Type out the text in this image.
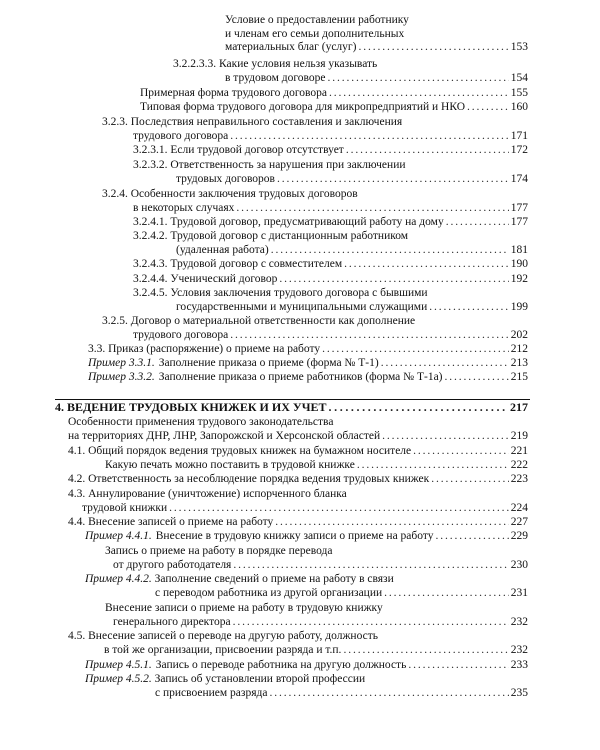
Условие о предоставлении работнику
и членам его семьи дополнительных
материальных благ (услуг) . . .	153
3.2.2.3.3. Какие условия нельзя указывать
в трудовом договоре . . .	154
Примерная форма трудового договора . . .	155
Типовая форма трудового договора для микропредприятий и НКО . . .	160
3.2.3. Последствия неправильного составления и заключения
трудового договора . . .	171
3.2.3.1. Если трудовой договор отсутствует . . .	172
3.2.3.2. Ответственность за нарушения при заключении
трудовых договоров . . .	174
3.2.4. Особенности заключения трудовых договоров
в некоторых случаях . . .	177
3.2.4.1. Трудовой договор, предусматривающий работу на дому . . .	177
3.2.4.2. Трудовой договор с дистанционным работником
(удаленная работа) . . .	181
3.2.4.3. Трудовой договор с совместителем . . .	190
3.2.4.4. Ученический договор . . .	192
3.2.4.5. Условия заключения трудового договора с бывшими
государственными и муниципальными служащими . . .	199
3.2.5. Договор о материальной ответственности как дополнение
трудового договора . . .	202
3.3. Приказ (распоряжение) о приеме на работу . . .	212
Пример 3.3.1. Заполнение приказа о приеме (форма № Т-1) . . .	213
Пример 3.3.2. Заполнение приказа о приеме работников (форма № Т-1а) . . .	215
4. ВЕДЕНИЕ ТРУДОВЫХ КНИЖЕК И ИХ УЧЕТ . . .	217
Особенности применения трудового законодательства
на территориях ДНР, ЛНР, Запорожской и Херсонской областей . . .	219
4.1. Общий порядок ведения трудовых книжек на бумажном носителе . . .	221
Какую печать можно поставить в трудовой книжке . . .	222
4.2. Ответственность за несоблюдение порядка ведения трудовых книжек . . .	223
4.3. Аннулирование (уничтожение) испорченного бланка
трудовой книжки . . .	224
4.4. Внесение записей о приеме на работу . . .	227
Пример 4.4.1. Внесение в трудовую книжку записи о приеме на работу . . .	229
Запись о приеме на работу в порядке перевода
от другого работодателя . . .	230
Пример 4.4.2. Заполнение сведений о приеме на работу в связи
с переводом работника из другой организации . . .	231
Внесение записи о приеме на работу в трудовую книжку
генерального директора . . .	232
4.5. Внесение записей о переводе на другую работу, должность
в той же организации, присвоении разряда и т.п. . . .	232
Пример 4.5.1. Запись о переводе работника на другую должность . . .	233
Пример 4.5.2. Запись об установлении второй профессии
с присвоением разряда . . .	235
